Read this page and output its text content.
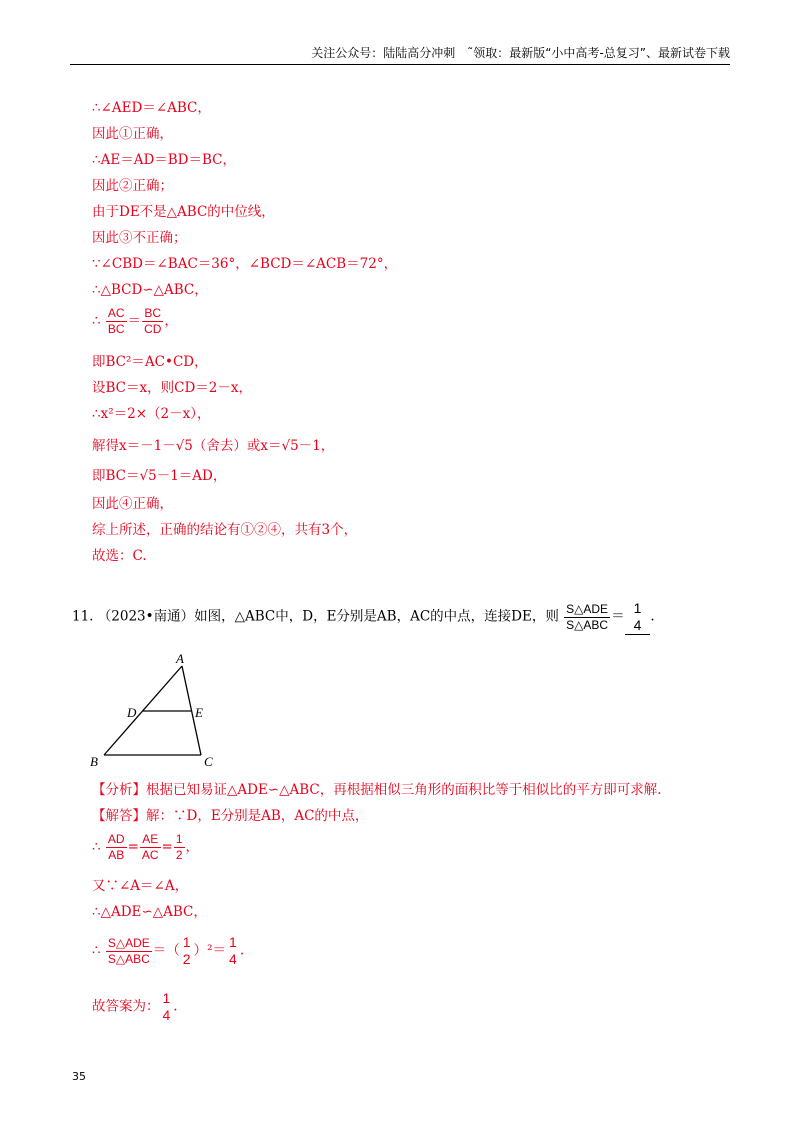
关注公众号：陆陆高分冲刺　˜领取：最新版“小中高考-总复习”、最新试卷下载
∴∠AED＝∠ABC，
因此①正确，
∴AE＝AD＝BD＝BC，
因此②正确；
由于DE不是△ABC的中位线，
因此③不正确；
∵∠CBD＝∠BAC＝36°，∠BCD＝∠ACB＝72°，
∴△BCD∽△ABC，
∴ $\frac{AC}{BC} = \frac{BC}{CD}$ ，
即BC²＝AC•CD，
设BC＝x，则CD＝2－x，
∴x²＝2×（2－x），
解得x＝－1－√5（舍去）或x＝√5－1，
即BC＝√5－1＝AD，
因此④正确，
综上所述，正确的结论有①②④，共有3个，
故选：C.
11. （2023•南通）如图，△ABC中，D，E分别是AB，AC的中点，连接DE，则 $\frac{\text{S△ADE}}{\text{S△ABC}}$ ＝
1
4
.
A
D	E
B	C
【分析】根据已知易证△ADE∽△ABC，再根据相似三角形的面积比等于相似比的平方即可求解.
【解答】解：∵D，E分别是AB，AC的中点，
∴ $\frac{AD}{AB} = \frac{AE}{AC} = \frac{1}{2}$ ，
又∵∠A＝∠A，
∴△ADE∽△ABC，
∴ $\frac{\text{S△ADE}}{\text{S△ABC}}$ ＝（
1
2
）²＝
1
4
.
故答案为：
1
4
.
35
